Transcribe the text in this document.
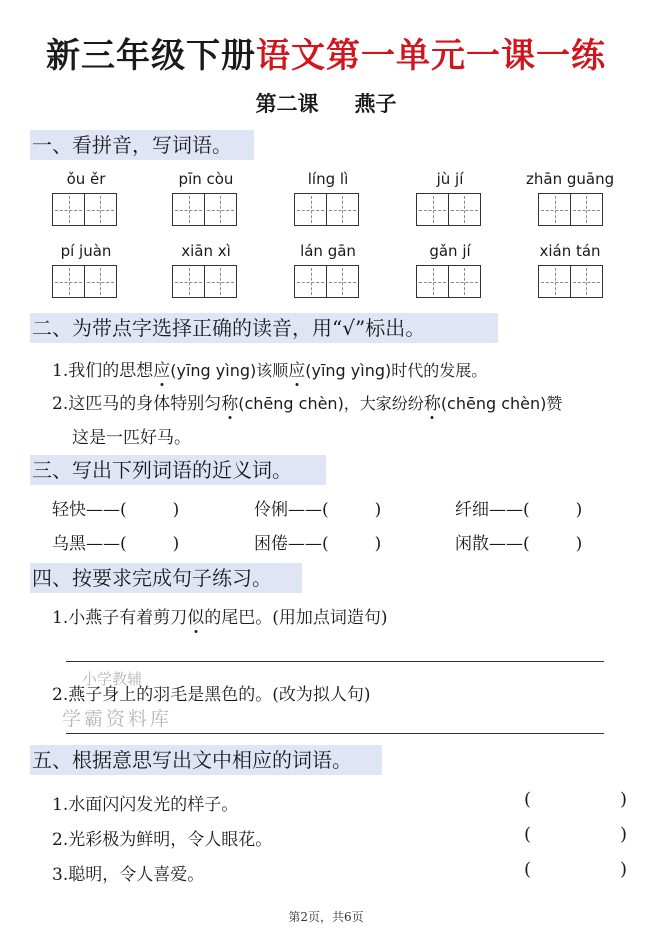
新三年级下册语文第一单元一课一练
第二课 燕子
一、看拼音，写词语。
ǒu ěr	pīn còu	líng lì	jù jí	zhān guāng
pí juàn	xiān xì	lán gān	gǎn jí	xián tán
二、为带点字选择正确的读音，用“√”标出。
1.我们的思想应(yīng yìng)该顺应(yīng yìng)时代的发展。
2.这匹马的身体特别匀称(chēng chèn)，大家纷纷称(chēng chèn)赞
这是一匹好马。
三、写出下列词语的近义词。
轻快——(	)	伶俐——(	)	纤细——(	)
乌黑——(	)	困倦——(	)	闲散——(	)
四、按要求完成句子练习。
1.小燕子有着剪刀似的尾巴。(用加点词造句)
2.燕子身上的羽毛是黑色的。(改为拟人句)
小学教辅
学霸资料库
五、根据意思写出文中相应的词语。
1.水面闪闪发光的样子。	(	)
2.光彩极为鲜明，令人眼花。	(	)
3.聪明，令人喜爱。	(	)
第2页，共6页
